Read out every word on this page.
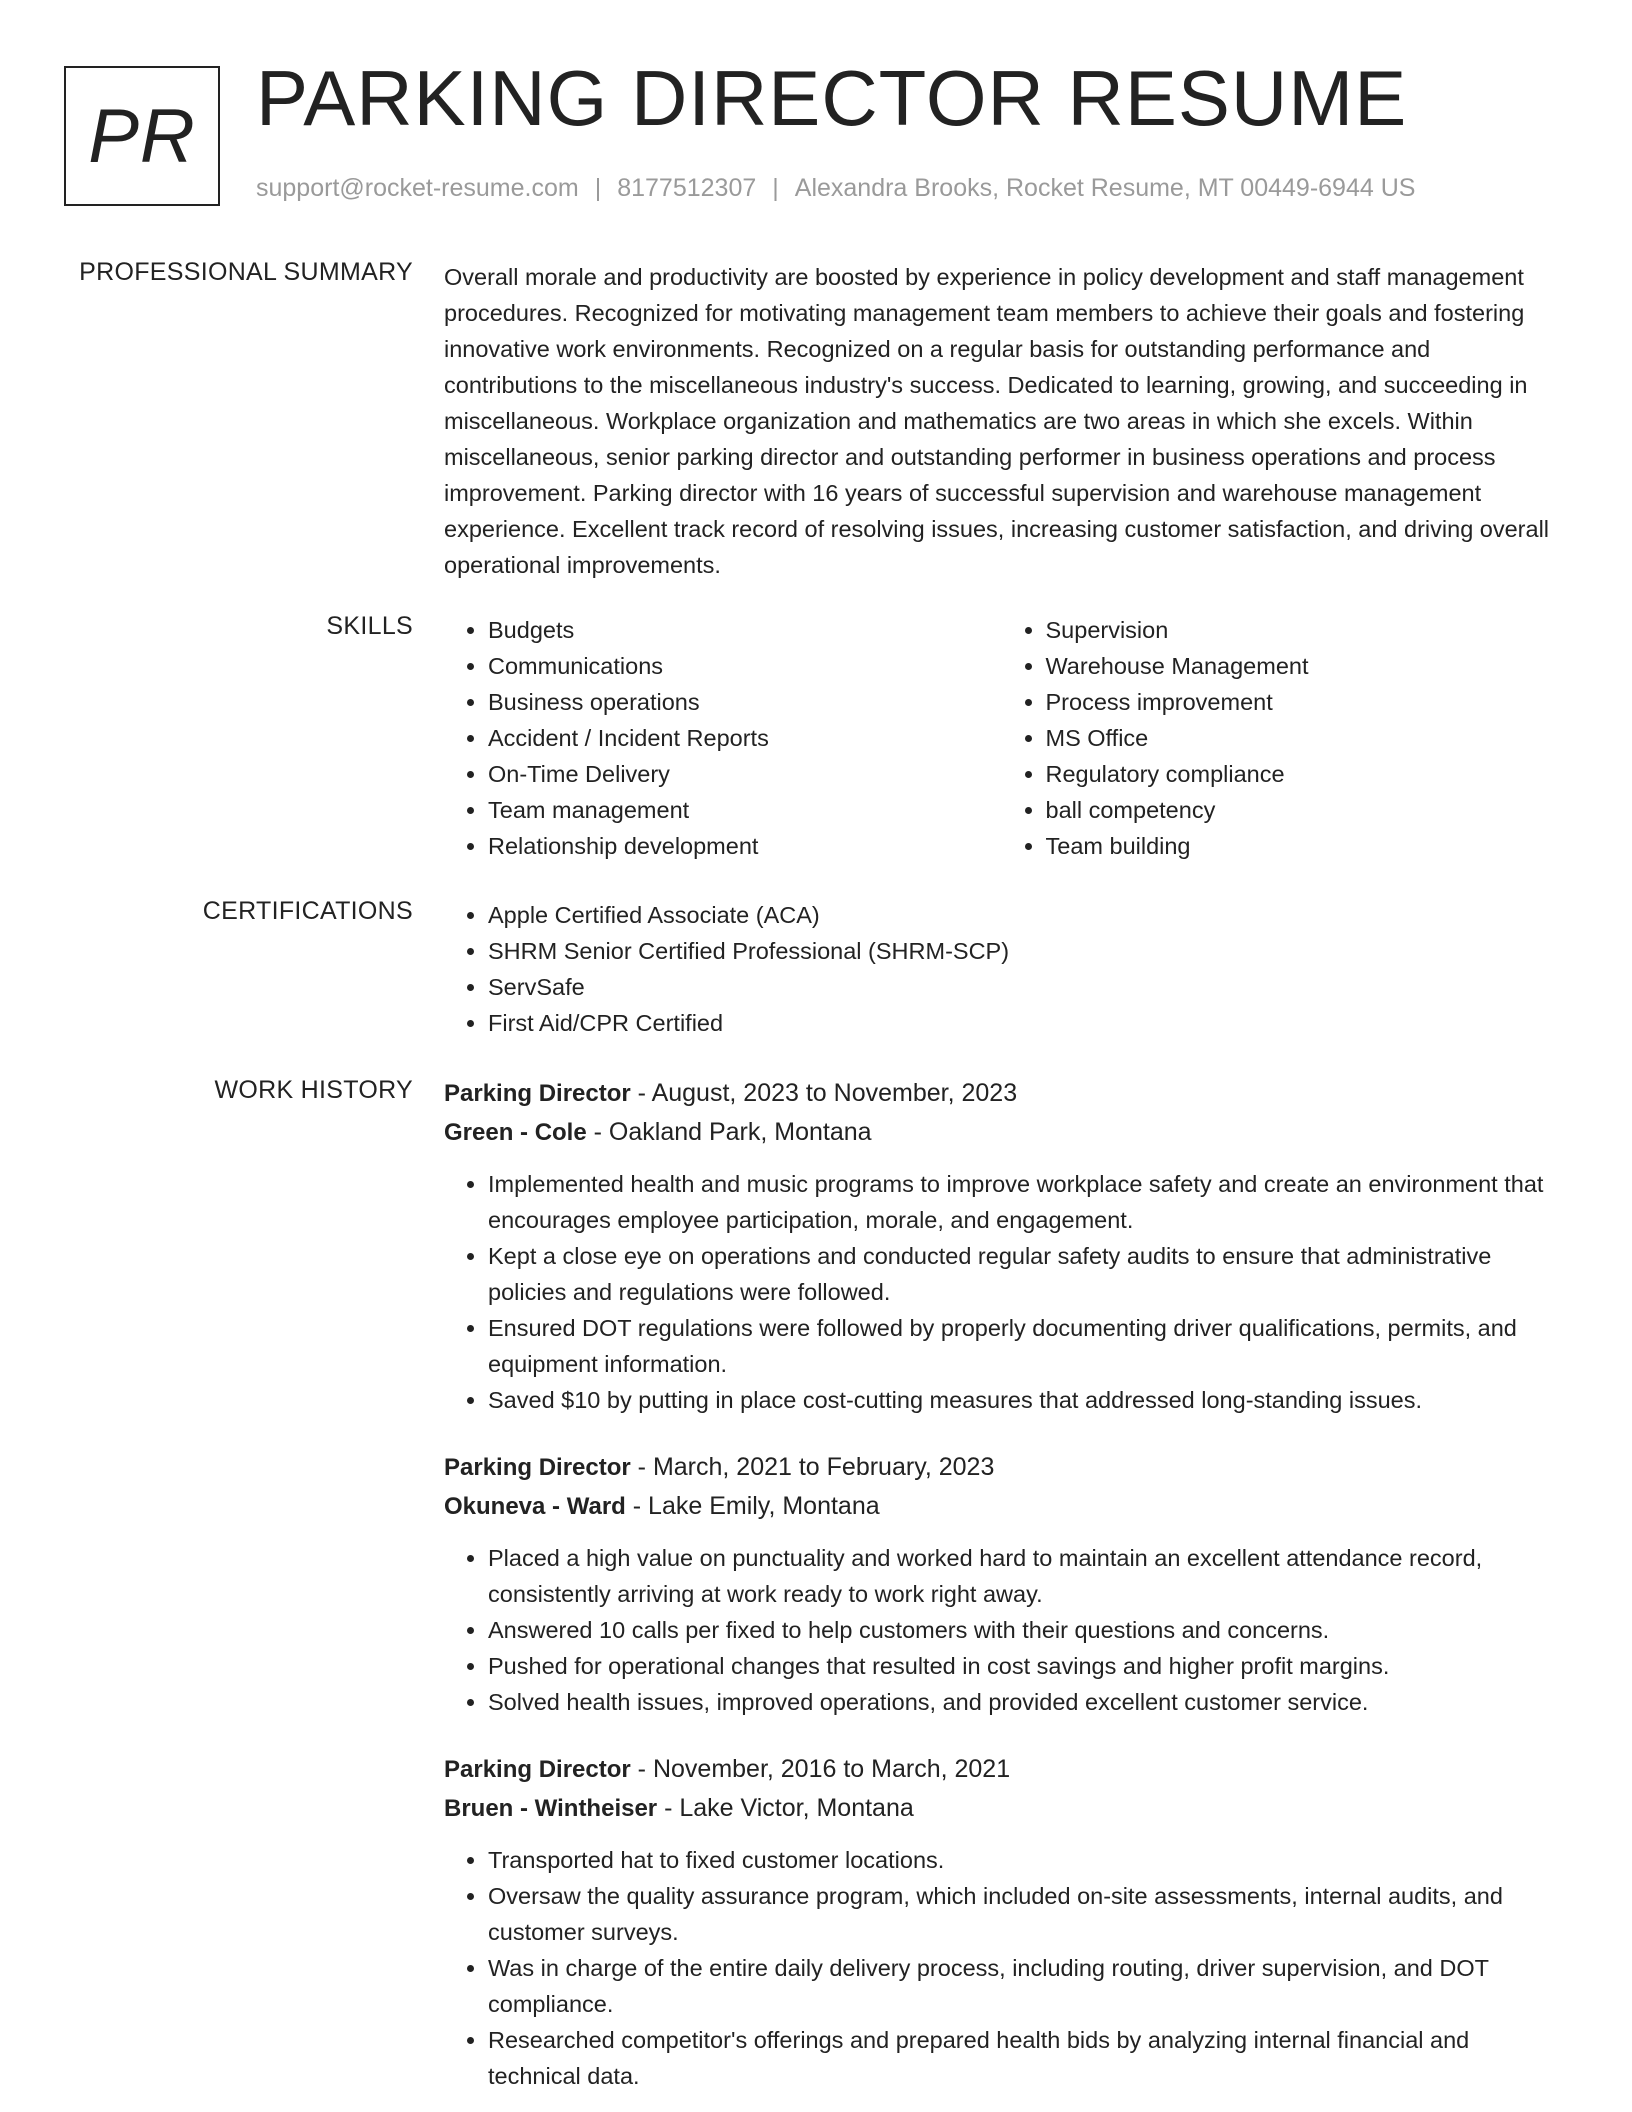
PR PARKING DIRECTOR RESUME
support@rocket-resume.com | 8177512307 | Alexandra Brooks, Rocket Resume, MT 00449-6944 US
PROFESSIONAL SUMMARY Overall morale and productivity are boosted by experience in policy development and staff management procedures. Recognized for motivating management team members to achieve their goals and fostering innovative work environments. Recognized on a regular basis for outstanding performance and contributions to the miscellaneous industry's success. Dedicated to learning, growing, and succeeding in miscellaneous. Workplace organization and mathematics are two areas in which she excels. Within miscellaneous, senior parking director and outstanding performer in business operations and process improvement. Parking director with 16 years of successful supervision and warehouse management experience. Excellent track record of resolving issues, increasing customer satisfaction, and driving overall operational improvements.

SKILLS	• Budgets
• Communications
• Business operations
• Accident / Incident Reports
• On-Time Delivery
• Team management
• Relationship development
• Supervision
• Warehouse Management
• Process improvement
• MS Office
• Regulatory compliance
• ball competency
• Team building
CERTIFICATIONS	• Apple Certified Associate (ACA)
• SHRM Senior Certified Professional (SHRM-SCP)
• ServSafe
• First Aid/CPR Certified
WORK HISTORY Parking Director - August, 2023 to November, 2023
Green - Cole - Oakland Park, Montana
• Implemented health and music programs to improve workplace safety and create an environment that encourages employee participation, morale, and engagement.
• Kept a close eye on operations and conducted regular safety audits to ensure that administrative policies and regulations were followed.
• Ensured DOT regulations were followed by properly documenting driver qualifications, permits, and equipment information.
• Saved $10 by putting in place cost-cutting measures that addressed long-standing issues.
Parking Director - March, 2021 to February, 2023
Okuneva - Ward - Lake Emily, Montana
• Placed a high value on punctuality and worked hard to maintain an excellent attendance record, consistently arriving at work ready to work right away.
• Answered 10 calls per fixed to help customers with their questions and concerns.
• Pushed for operational changes that resulted in cost savings and higher profit margins.
• Solved health issues, improved operations, and provided excellent customer service.
Parking Director - November, 2016 to March, 2021
Bruen - Wintheiser - Lake Victor, Montana
• Transported hat to fixed customer locations.
• Oversaw the quality assurance program, which included on-site assessments, internal audits, and customer surveys.
• Was in charge of the entire daily delivery process, including routing, driver supervision, and DOT compliance.
• Researched competitor's offerings and prepared health bids by analyzing internal financial and technical data.
